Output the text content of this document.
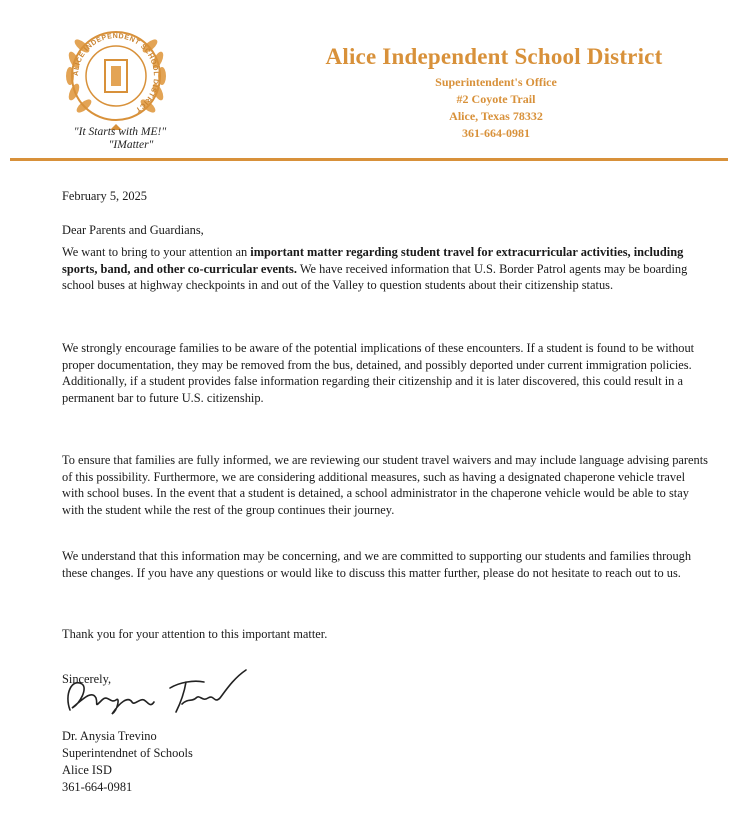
ALICE INDEPENDENT SCHOOL DISTRICT
"It Starts with ME!"
"IMatter"
Alice Independent School District
Superintendent's Office
#2 Coyote Trail
Alice, Texas 78332
361-664-0981

February 5, 2025

Dear Parents and Guardians,

We want to bring to your attention an important matter regarding student travel for extracurricular activities, including sports, band, and other co-curricular events. We have received information that U.S. Border Patrol agents may be boarding school buses at highway checkpoints in and out of the Valley to question students about their citizenship status.

We strongly encourage families to be aware of the potential implications of these encounters. If a student is found to be without proper documentation, they may be removed from the bus, detained, and possibly deported under current immigration policies. Additionally, if a student provides false information regarding their citizenship and it is later discovered, this could result in a permanent bar to future U.S. citizenship.

To ensure that families are fully informed, we are reviewing our student travel waivers and may include language advising parents of this possibility. Furthermore, we are considering additional measures, such as having a designated chaperone vehicle travel with school buses. In the event that a student is detained, a school administrator in the chaperone vehicle would be able to stay with the student while the rest of the group continues their journey.

We understand that this information may be concerning, and we are committed to supporting our students and families through these changes. If you have any questions or would like to discuss this matter further, please do not hesitate to reach out to us.

Thank you for your attention to this important matter.

Sincerely,

Dr. Anysia Trevino
Superintendnet of Schools
Alice ISD
361-664-0981
